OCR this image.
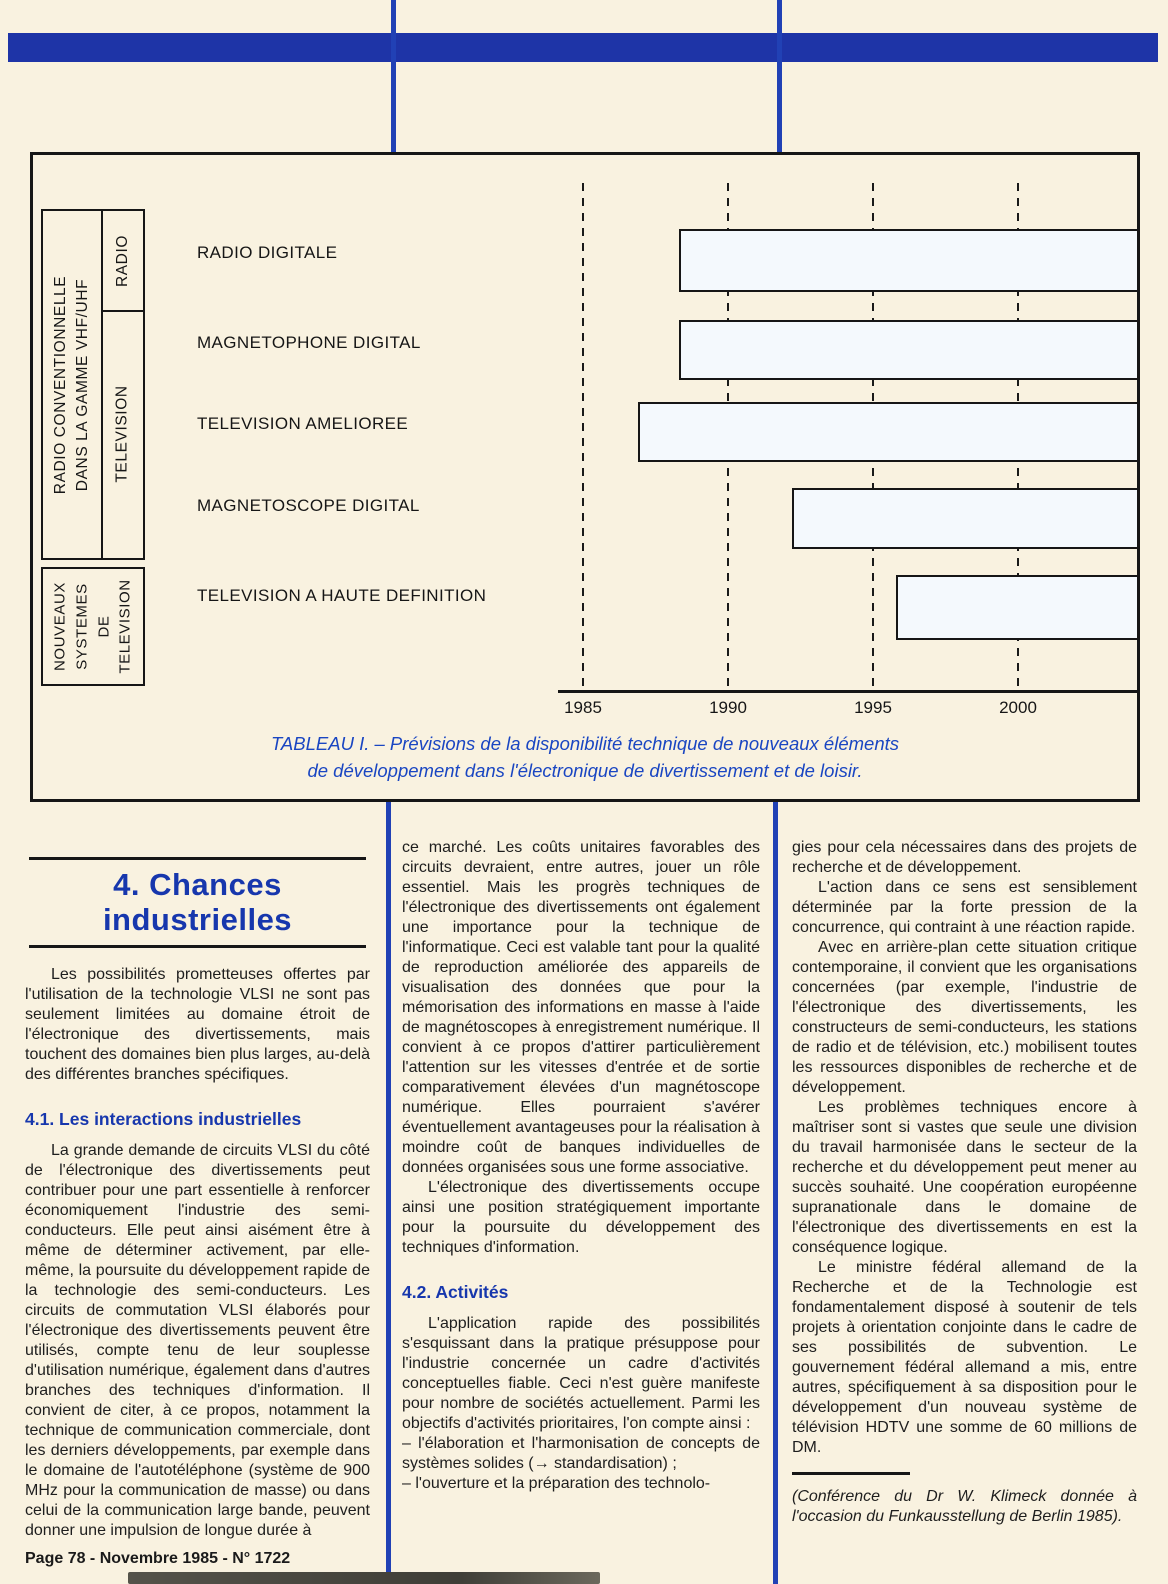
RADIO CONVENTIONNELLE DANS LA GAMME VHF/UHF
RADIO
TELEVISION
NOUVEAUX SYSTEMES DE TELEVISION
RADIO DIGITALE
MAGNETOPHONE DIGITAL
TELEVISION AMELIOREE
MAGNETOSCOPE DIGITAL
TELEVISION A HAUTE DEFINITION
1985	1990	1995	2000
TABLEAU I. – Prévisions de la disponibilité technique de nouveaux éléments
de développement dans l'électronique de divertissement et de loisir.
4. Chances
industrielles

Les possibilités prometteuses offertes par l'utilisation de la technologie VLSI ne sont pas seulement limitées au domaine étroit de l'électronique des divertissements, mais touchent des domaines bien plus larges, au-delà des différentes branches spécifiques.

4.1. Les interactions industrielles

La grande demande de circuits VLSI du côté de l'électronique des divertissements peut contribuer pour une part essentielle à renforcer économiquement l'industrie des semi-conducteurs. Elle peut ainsi aisément être à même de déterminer activement, par elle-même, la poursuite du développement rapide de la technologie des semi-conducteurs. Les circuits de commutation VLSI élaborés pour l'électronique des divertissements peuvent être utilisés, compte tenu de leur souplesse d'utilisation numérique, également dans d'autres branches des techniques d'information. Il convient de citer, à ce propos, notamment la technique de communication commerciale, dont les derniers développements, par exemple dans le domaine de l'autotéléphone (système de 900 MHz pour la communication de masse) ou dans celui de la communication large bande, peuvent donner une impulsion de longue durée à

ce marché. Les coûts unitaires favorables des circuits devraient, entre autres, jouer un rôle essentiel. Mais les progrès techniques de l'électronique des divertissements ont également une importance pour la technique de l'informatique. Ceci est valable tant pour la qualité de reproduction améliorée des appareils de visualisation des données que pour la mémorisation des informations en masse à l'aide de magnétoscopes à enregistrement numérique. Il convient à ce propos d'attirer particulièrement l'attention sur les vitesses d'entrée et de sortie comparativement élevées d'un magnétoscope numérique. Elles pourraient s'avérer éventuellement avantageuses pour la réalisation à moindre coût de banques individuelles de données organisées sous une forme associative.

L'électronique des divertissements occupe ainsi une position stratégiquement importante pour la poursuite du développement des techniques d'information.

4.2. Activités

L'application rapide des possibilités s'esquissant dans la pratique présuppose pour l'industrie concernée un cadre d'activités conceptuelles fiable. Ceci n'est guère manifeste pour nombre de sociétés actuellement. Parmi les objectifs d'activités prioritaires, l'on compte ainsi :

– l'élaboration et l'harmonisation de concepts de systèmes solides (→ standardisation) ;

– l'ouverture et la préparation des technolo-

gies pour cela nécessaires dans des projets de recherche et de développement.

L'action dans ce sens est sensiblement déterminée par la forte pression de la concurrence, qui contraint à une réaction rapide.

Avec en arrière-plan cette situation critique contemporaine, il convient que les organisations concernées (par exemple, l'industrie de l'électronique des divertissements, les constructeurs de semi-conducteurs, les stations de radio et de télévision, etc.) mobilisent toutes les ressources disponibles de recherche et de développement.

Les problèmes techniques encore à maîtriser sont si vastes que seule une division du travail harmonisée dans le secteur de la recherche et du développement peut mener au succès souhaité. Une coopération européenne supranationale dans le domaine de l'électronique des divertissements en est la conséquence logique.

Le ministre fédéral allemand de la Recherche et de la Technologie est fondamentalement disposé à soutenir de tels projets à orientation conjointe dans le cadre de ses possibilités de subvention. Le gouvernement fédéral allemand a mis, entre autres, spécifiquement à sa disposition pour le développement d'un nouveau système de télévision HDTV une somme de 60 millions de DM.

(Conférence du Dr W. Klimeck donnée à l'occasion du Funkausstellung de Berlin 1985).

Page 78 - Novembre 1985 - N° 1722
